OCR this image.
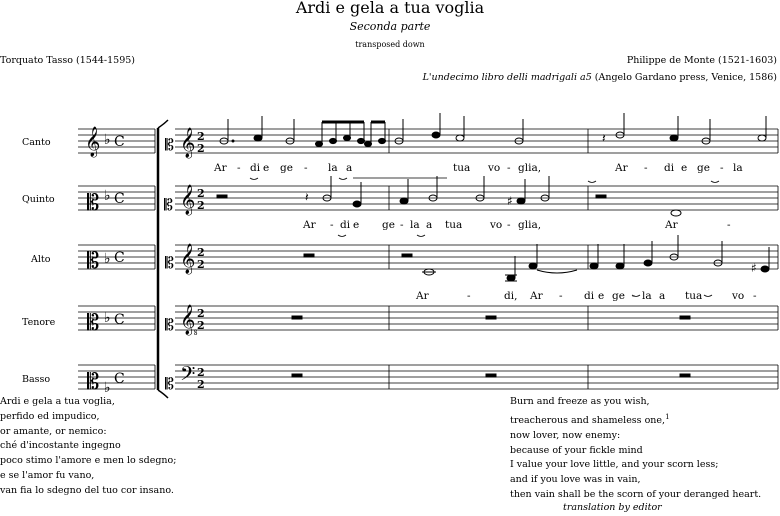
Ardi e gela a tua voglia
Seconda parte
transposed down
Torquato Tasso (1544-1595)	Philippe de Monte (1521-1603)
L'undecimo libro delli madrigali a5 (Angelo Gardano press, Venice, 1586)
Canto
Quinto
Alto
Tenore
Basso
𝄞 ♭ C
𝄡 ♭ C
𝄡 ♭ C
𝄡 ♭ C
𝄡 ♭
C
𝄡
𝄡
𝄡
𝄡
𝄡
𝄞
𝄞
𝄞
𝄠
𝄢
2
2
2
2
2
2
2
2
2
2
𝄽
𝄽	♯
♯
Ar - di e ge - la a	tua vo - glia,	Ar - di e ge - la
Ar - di e ge - la a tua	vo - glia,	Ar	-
Ar	-	di, Ar - di e ge - la a tua	vo -
Ardi e gela a tua voglia,
perfido ed impudico,
or amante, or nemico:
ché d'incostante ingegno
poco stimo l'amore e men lo sdegno;
e se l'amor fu vano,
van fia lo sdegno del tuo cor insano.
Burn and freeze as you wish,
treacherous and shameless one,$^1$
now lover, now enemy:
because of your fickle mind
I value your love little, and your scorn less;
and if you love was in vain,
then vain shall be the scorn of your deranged heart.
translation by editor
